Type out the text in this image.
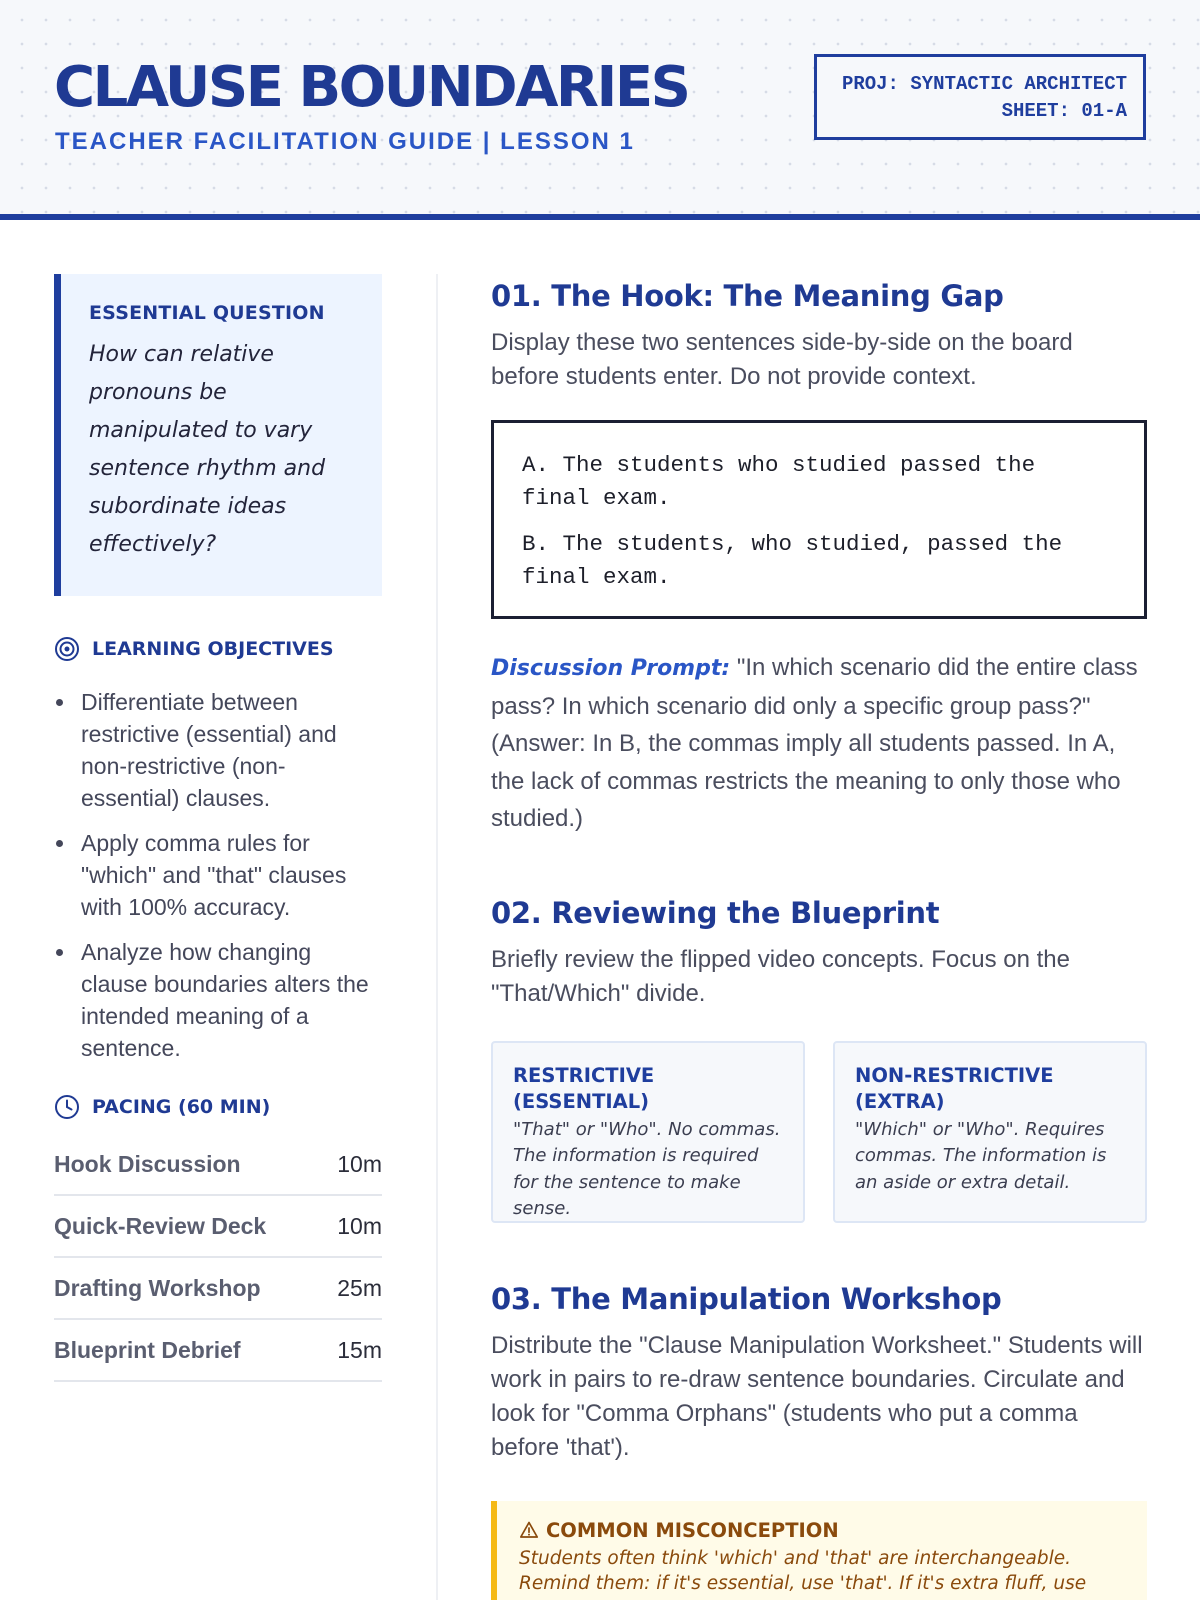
CLAUSE BOUNDARIES
TEACHER FACILITATION GUIDE | LESSON 1
PROJ: SYNTACTIC ARCHITECT
SHEET: 01-A
ESSENTIAL QUESTION
How can relative pronouns be manipulated to vary sentence rhythm and subordinate ideas effectively?
LEARNING OBJECTIVES
Differentiate between restrictive (essential) and non-restrictive (non-essential) clauses.
Apply comma rules for "which" and "that" clauses with 100% accuracy.
Analyze how changing clause boundaries alters the intended meaning of a sentence.
PACING (60 MIN)
Hook Discussion	10m
Quick-Review Deck	10m
Drafting Workshop	25m
Blueprint Debrief	15m
01. The Hook: The Meaning Gap

Display these two sentences side-by-side on the board before students enter. Do not provide context.

A. The students who studied passed the final exam.

B. The students, who studied, passed the final exam.

Discussion Prompt: "In which scenario did the entire class pass? In which scenario did only a specific group pass?" (Answer: In B, the commas imply all students passed. In A, the lack of commas restricts the meaning to only those who studied.)

02. Reviewing the Blueprint

Briefly review the flipped video concepts. Focus on the "That/Which" divide.

RESTRICTIVE (ESSENTIAL)
"That" or "Who". No commas. The information is required for the sentence to make sense.
NON-RESTRICTIVE (EXTRA)
"Which" or "Who". Requires commas. The information is an aside or extra detail.
03. The Manipulation Workshop

Distribute the "Clause Manipulation Worksheet." Students will work in pairs to re-draw sentence boundaries. Circulate and look for "Comma Orphans" (students who put a comma before 'that').

COMMON MISCONCEPTION
Students often think 'which' and 'that' are interchangeable. Remind them: if it's essential, use 'that'. If it's extra fluff, use
